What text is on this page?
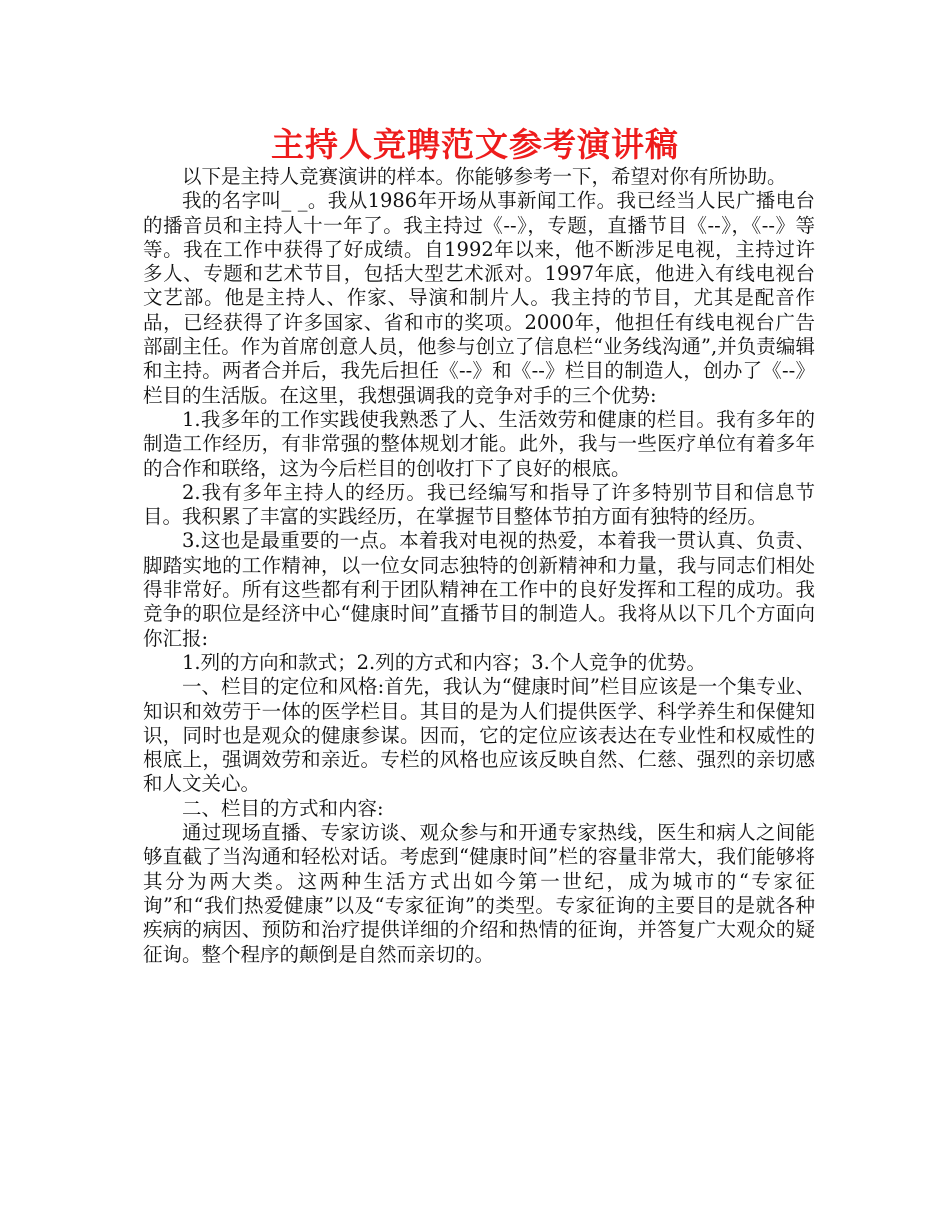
主持人竞聘范文参考演讲稿

以下是主持人竞赛演讲的样本。你能够参考一下，希望对你有所协助。

我的名字叫_ _。我从1986年开场从事新闻工作。我已经当人民广播电台的播音员和主持人十一年了。我主持过《--》，专题，直播节目《--》，《--》等等。我在工作中获得了好成绩。自1992年以来，他不断涉足电视，主持过许多人、专题和艺术节目，包括大型艺术派对。1997年底，他进入有线电视台文艺部。他是主持人、作家、导演和制片人。我主持的节目，尤其是配音作品，已经获得了许多国家、省和市的奖项。2000年，他担任有线电视台广告部副主任。作为首席创意人员，他参与创立了信息栏“业务线沟通”,并负责编辑和主持。两者合并后，我先后担任《--》和《--》栏目的制造人，创办了《--》栏目的生活版。在这里，我想强调我的竞争对手的三个优势:

1.我多年的工作实践使我熟悉了人、生活效劳和健康的栏目。我有多年的制造工作经历，有非常强的整体规划才能。此外，我与一些医疗单位有着多年的合作和联络，这为今后栏目的创收打下了良好的根底。

2.我有多年主持人的经历。我已经编写和指导了许多特别节目和信息节目。我积累了丰富的实践经历，在掌握节目整体节拍方面有独特的经历。

3.这也是最重要的一点。本着我对电视的热爱，本着我一贯认真、负责、脚踏实地的工作精神，以一位女同志独特的创新精神和力量，我与同志们相处得非常好。所有这些都有利于团队精神在工作中的良好发挥和工程的成功。我竞争的职位是经济中心“健康时间”直播节目的制造人。我将从以下几个方面向你汇报:

1.列的方向和款式；2.列的方式和内容；3.个人竞争的优势。

一、栏目的定位和风格:首先，我认为“健康时间”栏目应该是一个集专业、知识和效劳于一体的医学栏目。其目的是为人们提供医学、科学养生和保健知识，同时也是观众的健康参谋。因而，它的定位应该表达在专业性和权威性的根底上，强调效劳和亲近。专栏的风格也应该反映自然、仁慈、强烈的亲切感和人文关心。

二、栏目的方式和内容:

通过现场直播、专家访谈、观众参与和开通专家热线，医生和病人之间能够直截了当沟通和轻松对话。考虑到“健康时间”栏的容量非常大，我们能够将其分为两大类。这两种生活方式出如今第一世纪，成为城市的“专家征询”和“我们热爱健康”以及“专家征询”的类型。专家征询的主要目的是就各种疾病的病因、预防和治疗提供详细的介绍和热情的征询，并答复广大观众的疑征询。整个程序的颠倒是自然而亲切的。
